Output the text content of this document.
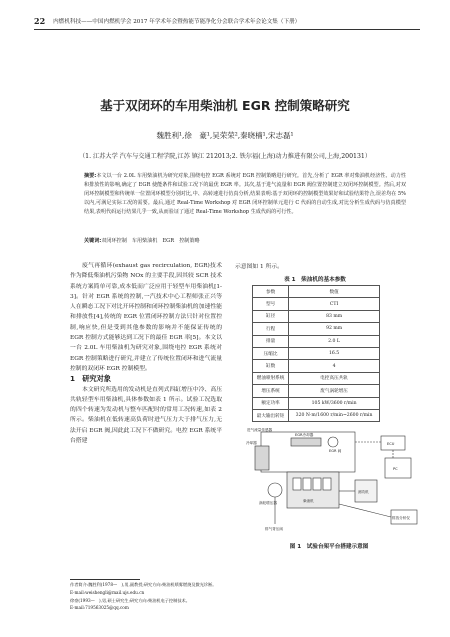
22 内燃机科技——中国内燃机学会 2017 年学术年会暨热能节能净化分会联合学术年会论文集（下册）
基于双闭环的车用柴油机 EGR 控制策略研究
魏胜利¹,徐　豪¹,吴荣荣²,秦晓楠¹,宋志磊¹
（1. 江苏大学 汽车与交通工程学院,江苏 镇江 212013;2. 铁尔福(上海)动力推进有限公司,上海,200131）
摘要:本文以一台 2.0L 车用柴油机为研究对象,围绕电控 EGR 系统对 EGR 控制策略进行研究。首先,分析了 EGR 率对柴油机经济性、动力性和排放性的影响,确定了 EGR 使能条件和试验工况下的最优 EGR 率。其次,基于进气流量和 EGR 阀位置控制建立双闭环控制模型。然后,对双闭环控制模型和传统单一位置闭环模型分别对比,中、高转速进行仿真分析,结果表明:基于双闭环的控制模型效果好和试验结果符合,误差均在 5% 以内,可满足实际工况的需要。最后,通过 Real-Time Workshop 对 EGR 闭环控制单元进行 C 代码的自动生成,对比分析生成代码与仿真模型结果,表明代码运行结果几乎一致,从而验证了通过 Real-Time Workshop 生成代码的可行性。
关键词:双闭环控制　车用柴油机　EGR　控制策略

废气再循环(exhaust gas recirculation, EGR)技术作为降低柴油机污染物 NOx 的主要手段,因其较 SCR 技术系统方案简单可靠,成本低而广泛应用于轻型车用柴油机[1-3]。针对 EGR 系统的控制,一汽技术中心工程师张正兴等人在瞬态工况下对比开环控制和闭环控制柴油机的加速性能和排放性[4],传统的 EGR 位置闭环控制方法只针对位置控制,响应快,但是受到其他参数的影响并不能保证传统的 EGR 控制方式能够达到工况下的最佳 EGR 率[5]。本文以一台 2.0L 车用柴油机为研究对象,围绕电控 EGR 系统对 EGR 控制策略进行研究,并建立了传统位置闭环和进气流量控制的双闭环 EGR 控制模型。

1　研究对象

本文研究所选用的发动机是直列式四缸增压中冷、高压共轨轻型车用柴油机,具体参数如表 1 所示。试验工况选取的四个转速为发动机与整车匹配时的常用工况转速,如表 2 所示。柴油机在低转速高负荷时进气压力大于排气压力,无法开启 EGR 阀,因此此工况下不做研究。电控 EGR 系统平台搭建

作者简介:魏胜利(1978—　),男,副教授;研究方向:柴油机喷雾燃烧及微光诊断。
E-mail:weishengli@mail.ujs.edu.cn
徐豪(1993—　),男,硕士研究生;研究方向:柴油机电子控制技术。
E-mail:719563025@qq.com
示意图如 1 所示。
表 1　 柴油机的基本参数
参数	数值
型号	CTI
缸径	83 mm
行程	92 mm
排量	2.0 L
压缩比	16.5
缸数	4
燃油喷射系统	电控高压共轨
增压系统	废气涡轮增压
额定功率	105 kW/3600 r/min
最大输出转矩	320 N·m/1600 r/min~2600 r/min
进气流量传感器
冷却器
EGR冷却器
EGR 阀
涡轮增压器
排气背压阀
测功机
ECU
PC
柴油机
排放分析仪
图 1　 试验台架平台搭建示意图
